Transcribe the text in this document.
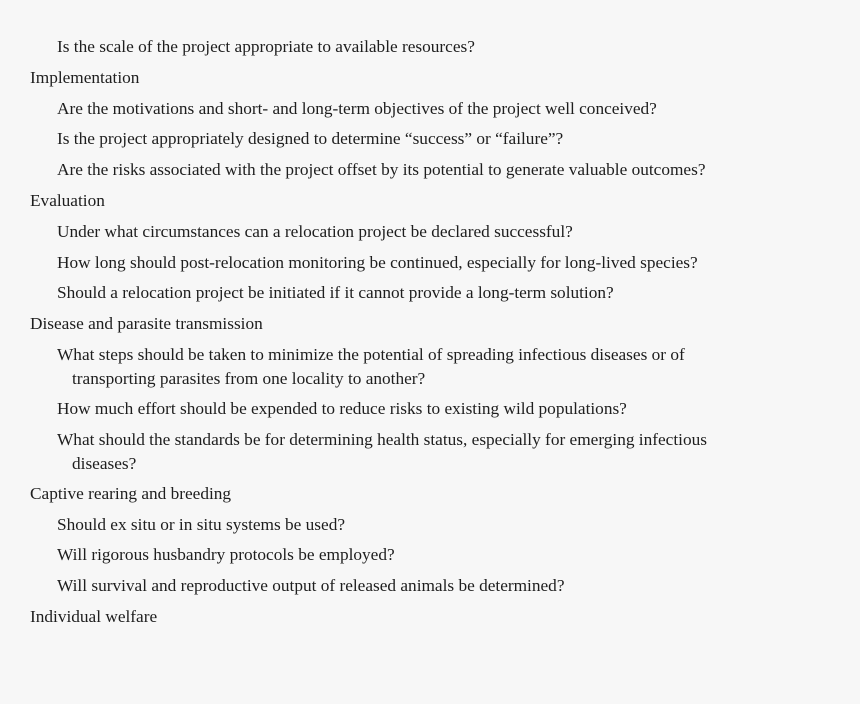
Is the scale of the project appropriate to available resources?
Implementation
Are the motivations and short- and long-term objectives of the project well conceived?
Is the project appropriately designed to determine “success” or “failure”?
Are the risks associated with the project offset by its potential to generate valuable outcomes?
Evaluation
Under what circumstances can a relocation project be declared successful?
How long should post-relocation monitoring be continued, especially for long-lived species?
Should a relocation project be initiated if it cannot provide a long-term solution?
Disease and parasite transmission
What steps should be taken to minimize the potential of spreading infectious diseases or of
transporting parasites from one locality to another?
How much effort should be expended to reduce risks to existing wild populations?
What should the standards be for determining health status, especially for emerging infectious
diseases?
Captive rearing and breeding
Should ex situ or in situ systems be used?
Will rigorous husbandry protocols be employed?
Will survival and reproductive output of released animals be determined?
Individual welfare
